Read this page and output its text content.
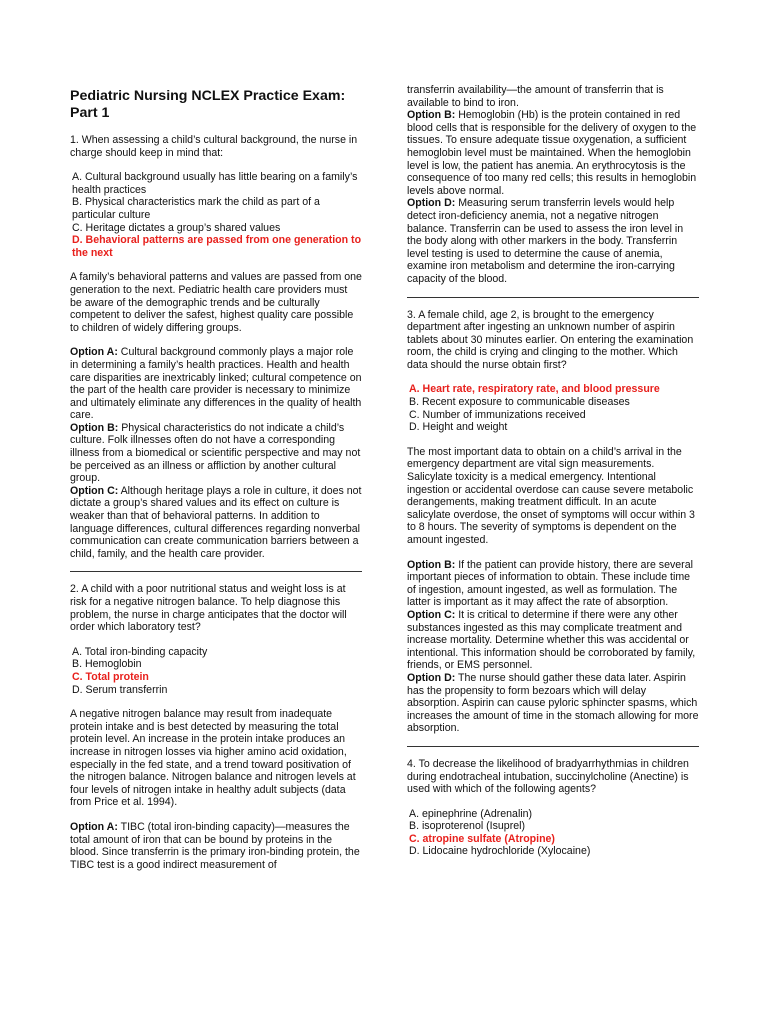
Pediatric Nursing NCLEX Practice Exam: Part 1

1. When assessing a child’s cultural background, the nurse in charge should keep in mind that:

A. Cultural background usually has little bearing on a family’s health practices

B. Physical characteristics mark the child as part of a particular culture

C. Heritage dictates a group’s shared values

D. Behavioral patterns are passed from one generation to the next

A family’s behavioral patterns and values are passed from one generation to the next. Pediatric health care providers must be aware of the demographic trends and be culturally competent to deliver the safest, highest quality care possible to children of widely differing groups.

Option A: Cultural background commonly plays a major role in determining a family’s health practices. Health and health care disparities are inextricably linked; cultural competence on the part of the health care provider is necessary to minimize and ultimately eliminate any differences in the quality of health care.

Option B: Physical characteristics do not indicate a child’s culture. Folk illnesses often do not have a corresponding illness from a biomedical or scientific perspective and may not be perceived as an illness or affliction by another cultural group.

Option C: Although heritage plays a role in culture, it does not dictate a group’s shared values and its effect on culture is weaker than that of behavioral patterns. In addition to language differences, cultural differences regarding nonverbal communication can create communication barriers between a child, family, and the health care provider.

2. A child with a poor nutritional status and weight loss is at risk for a negative nitrogen balance. To help diagnose this problem, the nurse in charge anticipates that the doctor will order which laboratory test?

A. Total iron-binding capacity

B. Hemoglobin

C. Total protein

D. Serum transferrin

A negative nitrogen balance may result from inadequate protein intake and is best detected by measuring the total protein level. An increase in the protein intake produces an increase in nitrogen losses via higher amino acid oxidation, especially in the fed state, and a trend toward positivation of the nitrogen balance. Nitrogen balance and nitrogen levels at four levels of nitrogen intake in healthy adult subjects (data from Price et al. 1994).

Option A: TIBC (total iron-binding capacity)—measures the total amount of iron that can be bound by proteins in the blood. Since transferrin is the primary iron-binding protein, the TIBC test is a good indirect measurement of

transferrin availability—the amount of transferrin that is available to bind to iron.

Option B: Hemoglobin (Hb) is the protein contained in red blood cells that is responsible for the delivery of oxygen to the tissues. To ensure adequate tissue oxygenation, a sufficient hemoglobin level must be maintained. When the hemoglobin level is low, the patient has anemia. An erythrocytosis is the consequence of too many red cells; this results in hemoglobin levels above normal.

Option D: Measuring serum transferrin levels would help detect iron-deficiency anemia, not a negative nitrogen balance. Transferrin can be used to assess the iron level in the body along with other markers in the body. Transferrin level testing is used to determine the cause of anemia, examine iron metabolism and determine the iron-carrying capacity of the blood.

3. A female child, age 2, is brought to the emergency department after ingesting an unknown number of aspirin tablets about 30 minutes earlier. On entering the examination room, the child is crying and clinging to the mother. Which data should the nurse obtain first?

A. Heart rate, respiratory rate, and blood pressure

B. Recent exposure to communicable diseases

C. Number of immunizations received

D. Height and weight

The most important data to obtain on a child’s arrival in the emergency department are vital sign measurements. Salicylate toxicity is a medical emergency. Intentional ingestion or accidental overdose can cause severe metabolic derangements, making treatment difficult. In an acute salicylate overdose, the onset of symptoms will occur within 3 to 8 hours. The severity of symptoms is dependent on the amount ingested.

Option B: If the patient can provide history, there are several important pieces of information to obtain. These include time of ingestion, amount ingested, as well as formulation. The latter is important as it may affect the rate of absorption.

Option C: It is critical to determine if there were any other substances ingested as this may complicate treatment and increase mortality. Determine whether this was accidental or intentional. This information should be corroborated by family, friends, or EMS personnel.

Option D: The nurse should gather these data later. Aspirin has the propensity to form bezoars which will delay absorption. Aspirin can cause pyloric sphincter spasms, which increases the amount of time in the stomach allowing for more absorption.

4. To decrease the likelihood of bradyarrhythmias in children during endotracheal intubation, succinylcholine (Anectine) is used with which of the following agents?

A. epinephrine (Adrenalin)

B. isoproterenol (Isuprel)

C. atropine sulfate (Atropine)

D. Lidocaine hydrochloride (Xylocaine)
